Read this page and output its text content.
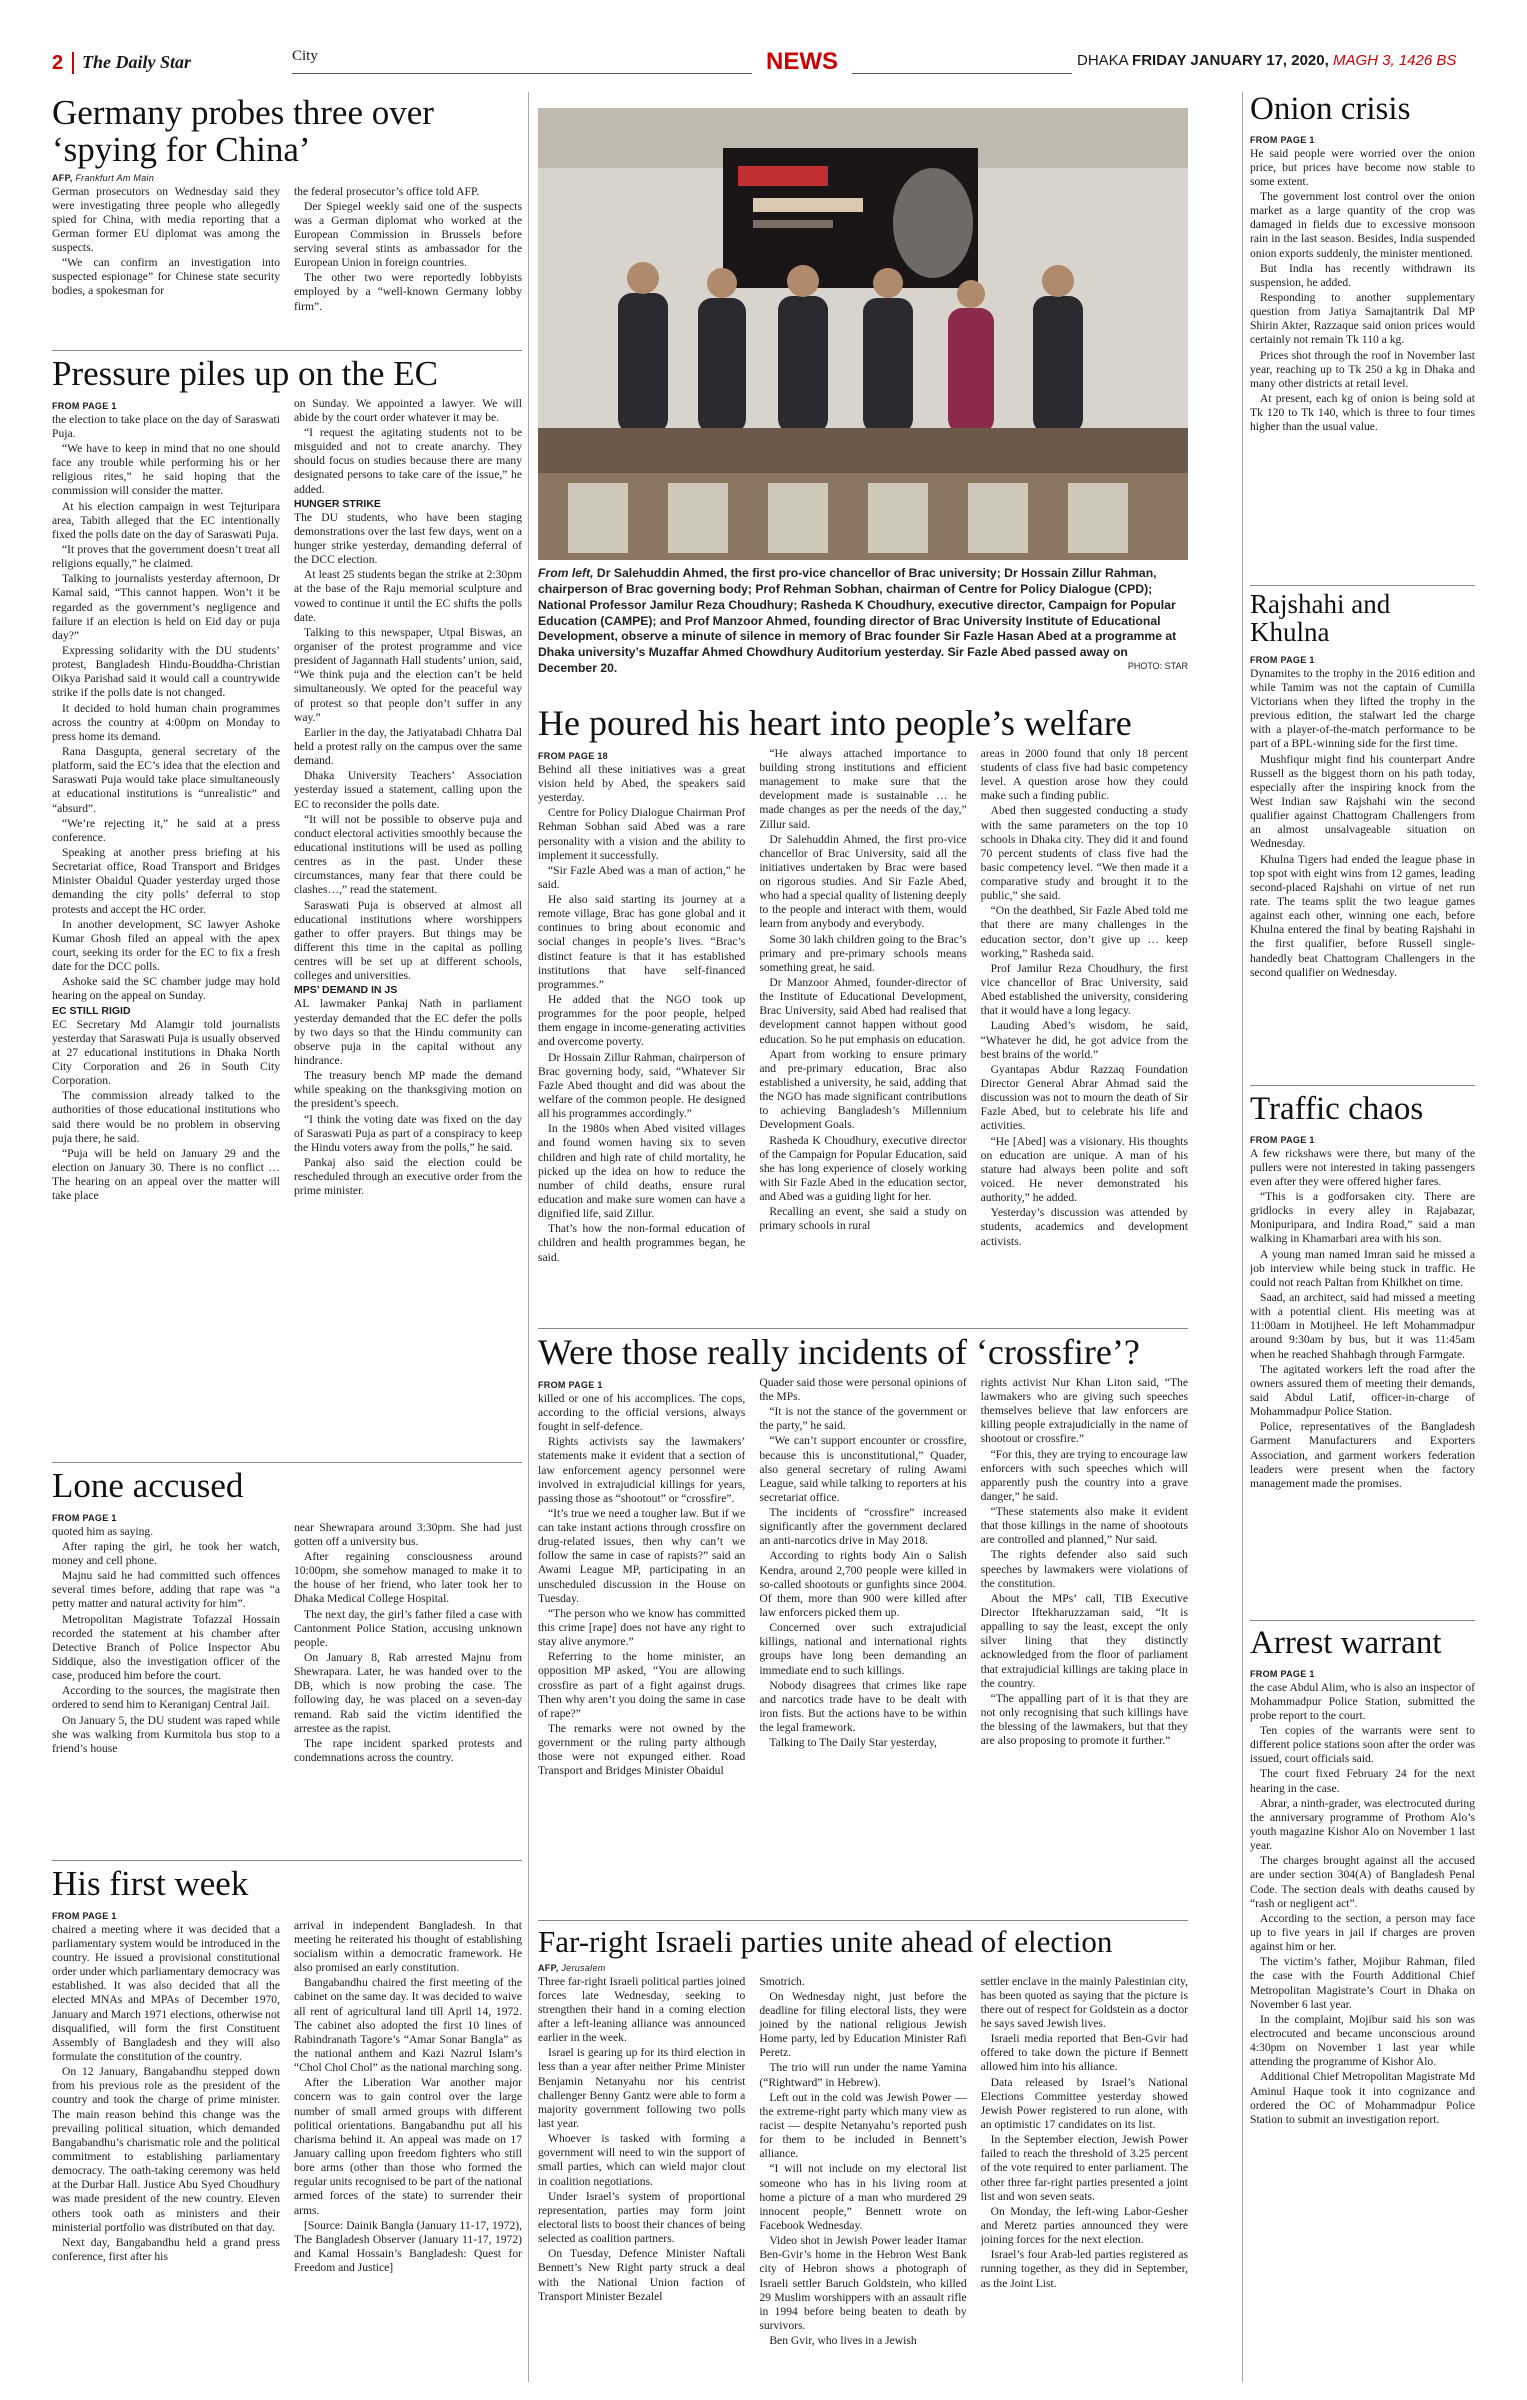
2 The Daily Star	City	NEWS	DHAKA FRIDAY JANUARY 17, 2020, MAGH 3, 1426 BS
Germany probes three over ‘spying for China’
AFP, Frankfurt Am Main

German prosecutors on Wednesday said they were investigating three people who allegedly spied for China, with media reporting that a German former EU diplomat was among the suspects.

“We can confirm an investigation into suspected espionage” for Chinese state security bodies, a spokesman for

the federal prosecutor’s office told AFP.

Der Spiegel weekly said one of the suspects was a German diplomat who worked at the European Commission in Brussels before serving several stints as ambassador for the European Union in foreign countries.

The other two were reportedly lobbyists employed by a “well-known Germany lobby firm”.

Pressure piles up on the EC
FROM PAGE 1

the election to take place on the day of Saraswati Puja.

“We have to keep in mind that no one should face any trouble while performing his or her religious rites,” he said hoping that the commission will consider the matter.

At his election campaign in west Tejturipara area, Tabith alleged that the EC intentionally fixed the polls date on the day of Saraswati Puja.

“It proves that the government doesn’t treat all religions equally,” he claimed.

Talking to journalists yesterday afternoon, Dr Kamal said, “This cannot happen. Won’t it be regarded as the government’s negligence and failure if an election is held on Eid day or puja day?”

Expressing solidarity with the DU students’ protest, Bangladesh Hindu-Bouddha-Christian Oikya Parishad said it would call a countrywide strike if the polls date is not changed.

It decided to hold human chain programmes across the country at 4:00pm on Monday to press home its demand.

Rana Dasgupta, general secretary of the platform, said the EC’s idea that the election and Saraswati Puja would take place simultaneously at educational institutions is “unrealistic” and “absurd”.

“We’re rejecting it,” he said at a press conference.

Speaking at another press briefing at his Secretariat office, Road Transport and Bridges Minister Obaidul Quader yesterday urged those demanding the city polls’ deferral to stop protests and accept the HC order.

In another development, SC lawyer Ashoke Kumar Ghosh filed an appeal with the apex court, seeking its order for the EC to fix a fresh date for the DCC polls.

Ashoke said the SC chamber judge may hold hearing on the appeal on Sunday.

EC STILL RIGID

EC Secretary Md Alamgir told journalists yesterday that Saraswati Puja is usually observed at 27 educational institutions in Dhaka North City Corporation and 26 in South City Corporation.

The commission already talked to the authorities of those educational institutions who said there would be no problem in observing puja there, he said.

“Puja will be held on January 29 and the election on January 30. There is no conflict … The hearing on an appeal over the matter will take place

on Sunday. We appointed a lawyer. We will abide by the court order whatever it may be.

“I request the agitating students not to be misguided and not to create anarchy. They should focus on studies because there are many designated persons to take care of the issue,” he added.

HUNGER STRIKE

The DU students, who have been staging demonstrations over the last few days, went on a hunger strike yesterday, demanding deferral of the DCC election.

At least 25 students began the strike at 2:30pm at the base of the Raju memorial sculpture and vowed to continue it until the EC shifts the polls date.

Talking to this newspaper, Utpal Biswas, an organiser of the protest programme and vice president of Jagannath Hall students’ union, said, “We think puja and the election can’t be held simultaneously. We opted for the peaceful way of protest so that people don’t suffer in any way.”

Earlier in the day, the Jatiyatabadi Chhatra Dal held a protest rally on the campus over the same demand.

Dhaka University Teachers’ Association yesterday issued a statement, calling upon the EC to reconsider the polls date.

“It will not be possible to observe puja and conduct electoral activities smoothly because the educational institutions will be used as polling centres as in the past. Under these circumstances, many fear that there could be clashes…,” read the statement.

Saraswati Puja is observed at almost all educational institutions where worshippers gather to offer prayers. But things may be different this time in the capital as polling centres will be set up at different schools, colleges and universities.

MPS’ DEMAND IN JS

AL lawmaker Pankaj Nath in parliament yesterday demanded that the EC defer the polls by two days so that the Hindu community can observe puja in the capital without any hindrance.

The treasury bench MP made the demand while speaking on the thanksgiving motion on the president’s speech.

“I think the voting date was fixed on the day of Saraswati Puja as part of a conspiracy to keep the Hindu voters away from the polls,” he said.

Pankaj also said the election could be rescheduled through an executive order from the prime minister.

Lone accused
FROM PAGE 1

quoted him as saying.

After raping the girl, he took her watch, money and cell phone.

Majnu said he had committed such offences several times before, adding that rape was “a petty matter and natural activity for him”.

Metropolitan Magistrate Tofazzal Hossain recorded the statement at his chamber after Detective Branch of Police Inspector Abu Siddique, also the investigation officer of the case, produced him before the court.

According to the sources, the magistrate then ordered to send him to Keraniganj Central Jail.

On January 5, the DU student was raped while she was walking from Kurmitola bus stop to a friend’s house

near Shewrapara around 3:30pm. She had just gotten off a university bus.

After regaining consciousness around 10:00pm, she somehow managed to make it to the house of her friend, who later took her to Dhaka Medical College Hospital.

The next day, the girl’s father filed a case with Cantonment Police Station, accusing unknown people.

On January 8, Rab arrested Majnu from Shewrapara. Later, he was handed over to the DB, which is now probing the case. The following day, he was placed on a seven-day remand. Rab said the victim identified the arrestee as the rapist.

The rape incident sparked protests and condemnations across the country.

His first week
FROM PAGE 1

chaired a meeting where it was decided that a parliamentary system would be introduced in the country. He issued a provisional constitutional order under which parliamentary democracy was established. It was also decided that all the elected MNAs and MPAs of December 1970, January and March 1971 elections, otherwise not disqualified, will form the first Constituent Assembly of Bangladesh and they will also formulate the constitution of the country.

On 12 January, Bangabandhu stepped down from his previous role as the president of the country and took the charge of prime minister. The main reason behind this change was the prevailing political situation, which demanded Bangabandhu’s charismatic role and the political commitment to establishing parliamentary democracy. The oath-taking ceremony was held at the Durbar Hall. Justice Abu Syed Choudhury was made president of the new country. Eleven others took oath as ministers and their ministerial portfolio was distributed on that day.

Next day, Bangabandhu held a grand press conference, first after his

arrival in independent Bangladesh. In that meeting he reiterated his thought of establishing socialism within a democratic framework. He also promised an early constitution.

Bangabandhu chaired the first meeting of the cabinet on the same day. It was decided to waive all rent of agricultural land till April 14, 1972. The cabinet also adopted the first 10 lines of Rabindranath Tagore’s “Amar Sonar Bangla” as the national anthem and Kazi Nazrul Islam’s “Chol Chol Chol” as the national marching song.

After the Liberation War another major concern was to gain control over the large number of small armed groups with different political orientations. Bangabandhu put all his charisma behind it. An appeal was made on 17 January calling upon freedom fighters who still bore arms (other than those who formed the regular units recognised to be part of the national armed forces of the state) to surrender their arms.

[Source: Dainik Bangla (January 11-17, 1972), The Bangladesh Observer (January 11-17, 1972) and Kamal Hossain’s Bangladesh: Quest for Freedom and Justice]

From left, Dr Salehuddin Ahmed, the first pro-vice chancellor of Brac university; Dr Hossain Zillur Rahman, chairperson of Brac governing body; Prof Rehman Sobhan, chairman of Centre for Policy Dialogue (CPD); National Professor Jamilur Reza Choudhury; Rasheda K Choudhury, executive director, Campaign for Popular Education (CAMPE); and Prof Manzoor Ahmed, founding director of Brac University Institute of Educational Development, observe a minute of silence in memory of Brac founder Sir Fazle Hasan Abed at a programme at Dhaka university’s Muzaffar Ahmed Chowdhury Auditorium yesterday. Sir Fazle Abed passed away on December 20.	PHOTO: STAR
He poured his heart into people’s welfare
FROM PAGE 18

Behind all these initiatives was a great vision held by Abed, the speakers said yesterday.

Centre for Policy Dialogue Chairman Prof Rehman Sobhan said Abed was a rare personality with a vision and the ability to implement it successfully.

“Sir Fazle Abed was a man of action,” he said.

He also said starting its journey at a remote village, Brac has gone global and it continues to bring about economic and social changes in people’s lives. “Brac’s distinct feature is that it has established institutions that have self-financed programmes.”

He added that the NGO took up programmes for the poor people, helped them engage in income-generating activities and overcome poverty.

Dr Hossain Zillur Rahman, chairperson of Brac governing body, said, “Whatever Sir Fazle Abed thought and did was about the welfare of the common people. He designed all his programmes accordingly.”

In the 1980s when Abed visited villages and found women having six to seven children and high rate of child mortality, he picked up the idea on how to reduce the number of child deaths, ensure rural education and make sure women can have a dignified life, said Zillur.

That’s how the non-formal education of children and health programmes began, he said.

“He always attached importance to building strong institutions and efficient management to make sure that the development made is sustainable … he made changes as per the needs of the day,” Zillur said.

Dr Salehuddin Ahmed, the first pro-vice chancellor of Brac University, said all the initiatives undertaken by Brac were based on rigorous studies. And Sir Fazle Abed, who had a special quality of listening deeply to the people and interact with them, would learn from anybody and everybody.

Some 30 lakh children going to the Brac’s primary and pre-primary schools means something great, he said.

Dr Manzoor Ahmed, founder-director of the Institute of Educational Development, Brac University, said Abed had realised that development cannot happen without good education. So he put emphasis on education.

Apart from working to ensure primary and pre-primary education, Brac also established a university, he said, adding that the NGO has made significant contributions to achieving Bangladesh’s Millennium Development Goals.

Rasheda K Choudhury, executive director of the Campaign for Popular Education, said she has long experience of closely working with Sir Fazle Abed in the education sector, and Abed was a guiding light for her.

Recalling an event, she said a study on primary schools in rural

areas in 2000 found that only 18 percent students of class five had basic competency level. A question arose how they could make such a finding public.

Abed then suggested conducting a study with the same parameters on the top 10 schools in Dhaka city. They did it and found 70 percent students of class five had the basic competency level. “We then made it a comparative study and brought it to the public,” she said.

“On the deathbed, Sir Fazle Abed told me that there are many challenges in the education sector, don’t give up … keep working,” Rasheda said.

Prof Jamilur Reza Choudhury, the first vice chancellor of Brac University, said Abed established the university, considering that it would have a long legacy.

Lauding Abed’s wisdom, he said, “Whatever he did, he got advice from the best brains of the world.”

Gyantapas Abdur Razzaq Foundation Director General Abrar Ahmad said the discussion was not to mourn the death of Sir Fazle Abed, but to celebrate his life and activities.

“He [Abed] was a visionary. His thoughts on education are unique. A man of his stature had always been polite and soft voiced. He never demonstrated his authority,” he added.

Yesterday’s discussion was attended by students, academics and development activists.

Were those really incidents of ‘crossfire’?
FROM PAGE 1

killed or one of his accomplices. The cops, according to the official versions, always fought in self-defence.

Rights activists say the lawmakers’ statements make it evident that a section of law enforcement agency personnel were involved in extrajudicial killings for years, passing those as “shootout” or “crossfire”.

“It’s true we need a tougher law. But if we can take instant actions through crossfire on drug-related issues, then why can’t we follow the same in case of rapists?” said an Awami League MP, participating in an unscheduled discussion in the House on Tuesday.

“The person who we know has committed this crime [rape] does not have any right to stay alive anymore.”

Referring to the home minister, an opposition MP asked, “You are allowing crossfire as part of a fight against drugs. Then why aren’t you doing the same in case of rape?”

The remarks were not owned by the government or the ruling party although those were not expunged either. Road Transport and Bridges Minister Obaidul

Quader said those were personal opinions of the MPs.

“It is not the stance of the government or the party,” he said.

“We can’t support encounter or crossfire, because this is unconstitutional,” Quader, also general secretary of ruling Awami League, said while talking to reporters at his secretariat office.

The incidents of “crossfire” increased significantly after the government declared an anti-narcotics drive in May 2018.

According to rights body Ain o Salish Kendra, around 2,700 people were killed in so-called shootouts or gunfights since 2004. Of them, more than 900 were killed after law enforcers picked them up.

Concerned over such extrajudicial killings, national and international rights groups have long been demanding an immediate end to such killings.

Nobody disagrees that crimes like rape and narcotics trade have to be dealt with iron fists. But the actions have to be within the legal framework.

Talking to The Daily Star yesterday,

rights activist Nur Khan Liton said, “The lawmakers who are giving such speeches themselves believe that law enforcers are killing people extrajudicially in the name of shootout or crossfire.”

“For this, they are trying to encourage law enforcers with such speeches which will apparently push the country into a grave danger,” he said.

“These statements also make it evident that those killings in the name of shootouts are controlled and planned,” Nur said.

The rights defender also said such speeches by lawmakers were violations of the constitution.

About the MPs’ call, TIB Executive Director Iftekharuzzaman said, “It is appalling to say the least, except the only silver lining that they distinctly acknowledged from the floor of parliament that extrajudicial killings are taking place in the country.

“The appalling part of it is that they are not only recognising that such killings have the blessing of the lawmakers, but that they are also proposing to promote it further.”

Far-right Israeli parties unite ahead of election
AFP, Jerusalem

Three far-right Israeli political parties joined forces late Wednesday, seeking to strengthen their hand in a coming election after a left-leaning alliance was announced earlier in the week.

Israel is gearing up for its third election in less than a year after neither Prime Minister Benjamin Netanyahu nor his centrist challenger Benny Gantz were able to form a majority government following two polls last year.

Whoever is tasked with forming a government will need to win the support of small parties, which can wield major clout in coalition negotiations.

Under Israel’s system of proportional representation, parties may form joint electoral lists to boost their chances of being selected as coalition partners.

On Tuesday, Defence Minister Naftali Bennett’s New Right party struck a deal with the National Union faction of Transport Minister Bezalel

Smotrich.

On Wednesday night, just before the deadline for filing electoral lists, they were joined by the national religious Jewish Home party, led by Education Minister Rafi Peretz.

The trio will run under the name Yamina (“Rightward” in Hebrew).

Left out in the cold was Jewish Power — the extreme-right party which many view as racist — despite Netanyahu’s reported push for them to be included in Bennett’s alliance.

“I will not include on my electoral list someone who has in his living room at home a picture of a man who murdered 29 innocent people,” Bennett wrote on Facebook Wednesday.

Video shot in Jewish Power leader Itamar Ben-Gvir’s home in the Hebron West Bank city of Hebron shows a photograph of Israeli settler Baruch Goldstein, who killed 29 Muslim worshippers with an assault rifle in 1994 before being beaten to death by survivors.

Ben Gvir, who lives in a Jewish

settler enclave in the mainly Palestinian city, has been quoted as saying that the picture is there out of respect for Goldstein as a doctor he says saved Jewish lives.

Israeli media reported that Ben-Gvir had offered to take down the picture if Bennett allowed him into his alliance.

Data released by Israel’s National Elections Committee yesterday showed Jewish Power registered to run alone, with an optimistic 17 candidates on its list.

In the September election, Jewish Power failed to reach the threshold of 3.25 percent of the vote required to enter parliament. The other three far-right parties presented a joint list and won seven seats.

On Monday, the left-wing Labor-Gesher and Meretz parties announced they were joining forces for the next election.

Israel’s four Arab-led parties registered as running together, as they did in September, as the Joint List.

Onion crisis
FROM PAGE 1

He said people were worried over the onion price, but prices have become now stable to some extent.

The government lost control over the onion market as a large quantity of the crop was damaged in fields due to excessive monsoon rain in the last season. Besides, India suspended onion exports suddenly, the minister mentioned.

But India has recently withdrawn its suspension, he added.

Responding to another supplementary question from Jatiya Samajtantrik Dal MP Shirin Akter, Razzaque said onion prices would certainly not remain Tk 110 a kg.

Prices shot through the roof in November last year, reaching up to Tk 250 a kg in Dhaka and many other districts at retail level.

At present, each kg of onion is being sold at Tk 120 to Tk 140, which is three to four times higher than the usual value.

Rajshahi and Khulna
FROM PAGE 1

Dynamites to the trophy in the 2016 edition and while Tamim was not the captain of Cumilla Victorians when they lifted the trophy in the previous edition, the stalwart led the charge with a player-of-the-match performance to be part of a BPL-winning side for the first time.

Mushfiqur might find his counterpart Andre Russell as the biggest thorn on his path today, especially after the inspiring knock from the West Indian saw Rajshahi win the second qualifier against Chattogram Challengers from an almost unsalvageable situation on Wednesday.

Khulna Tigers had ended the league phase in top spot with eight wins from 12 games, leading second-placed Rajshahi on virtue of net run rate. The teams split the two league games against each other, winning one each, before Khulna entered the final by beating Rajshahi in the first qualifier, before Russell single-handedly beat Chattogram Challengers in the second qualifier on Wednesday.

Traffic chaos
FROM PAGE 1

A few rickshaws were there, but many of the pullers were not interested in taking passengers even after they were offered higher fares.

“This is a godforsaken city. There are gridlocks in every alley in Rajabazar, Monipuripara, and Indira Road,” said a man walking in Khamarbari area with his son.

A young man named Imran said he missed a job interview while being stuck in traffic. He could not reach Paltan from Khilkhet on time.

Saad, an architect, said had missed a meeting with a potential client. His meeting was at 11:00am in Motijheel. He left Mohammadpur around 9:30am by bus, but it was 11:45am when he reached Shahbagh through Farmgate.

The agitated workers left the road after the owners assured them of meeting their demands, said Abdul Latif, officer-in-charge of Mohammadpur Police Station.

Police, representatives of the Bangladesh Garment Manufacturers and Exporters Association, and garment workers federation leaders were present when the factory management made the promises.

Arrest warrant
FROM PAGE 1

the case Abdul Alim, who is also an inspector of Mohammadpur Police Station, submitted the probe report to the court.

Ten copies of the warrants were sent to different police stations soon after the order was issued, court officials said.

The court fixed February 24 for the next hearing in the case.

Abrar, a ninth-grader, was electrocuted during the anniversary programme of Prothom Alo’s youth magazine Kishor Alo on November 1 last year.

The charges brought against all the accused are under section 304(A) of Bangladesh Penal Code. The section deals with deaths caused by “rash or negligent act”.

According to the section, a person may face up to five years in jail if charges are proven against him or her.

The victim’s father, Mojibur Rahman, filed the case with the Fourth Additional Chief Metropolitan Magistrate’s Court in Dhaka on November 6 last year.

In the complaint, Mojibur said his son was electrocuted and became unconscious around 4:30pm on November 1 last year while attending the programme of Kishor Alo.

Additional Chief Metropolitan Magistrate Md Aminul Haque took it into cognizance and ordered the OC of Mohammadpur Police Station to submit an investigation report.
